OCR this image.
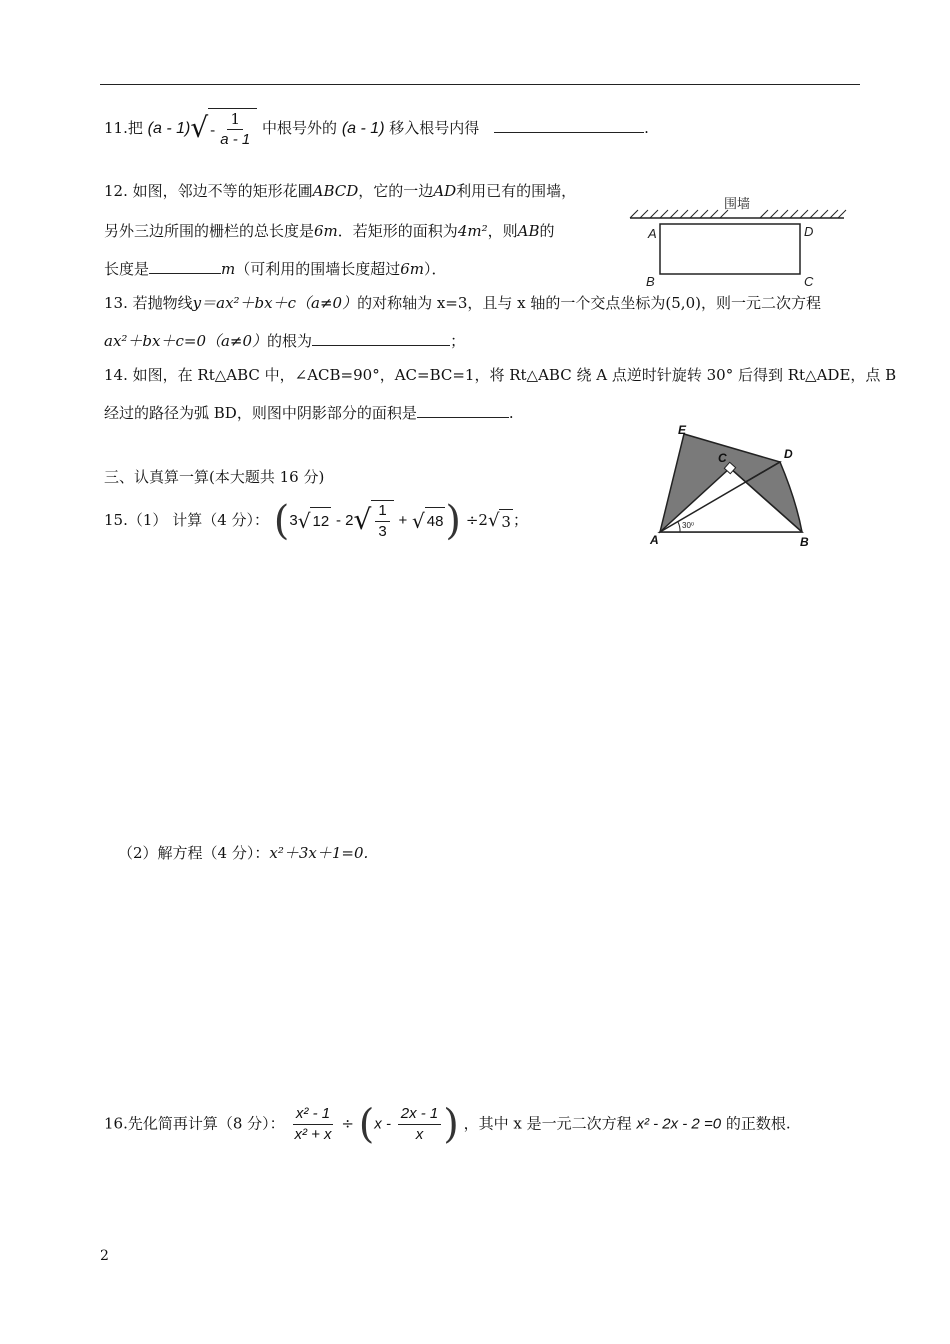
11.把 (a - 1) √ - $\frac{1}{a - 1}$ 中根号外的 (a - 1) 移入根号内得	.
12. 如图，邻边不等的矩形花圃ABCD，它的一边AD利用已有的围墙，
另外三边所围的栅栏的总长度是6m．若矩形的面积为4m²，则AB的
长度是	m（可利用的围墙长度超过6m）．
围墙
A	D
B	C
13. 若抛物线y＝ax²＋bx＋c（a≠0）的对称轴为 x=3，且与 x 轴的一个交点坐标为(5,0)，则一元二次方程
ax²＋bx＋c=0（a≠0）的根为	；
14. 如图，在 Rt△ABC 中，∠ACB=90°，AC=BC=1，将 Rt△ABC 绕 A 点逆时针旋转 30° 后得到 Rt△ADE，点 B
经过的路径为弧 BD，则图中阴影部分的面积是	.
30⁰
E
C	D
A	B
三、认真算一算(本大题共 16 分)
15.（1） 计算（4 分）： (3 √ 12 - 2 √ $\frac{1}{3}$ + √ 48 ) ÷2 √ 3 ；
（2）解方程（4 分）：x²＋3x＋1=0.
16.先化简再计算（8 分）： $\frac{\text{x² - 1}}{\text{x² + x}} \div (x - \frac{2x - 1}{x}$ ) ，其中 x 是一元二次方程 x² - 2x - 2 =0 的正数根.
2
